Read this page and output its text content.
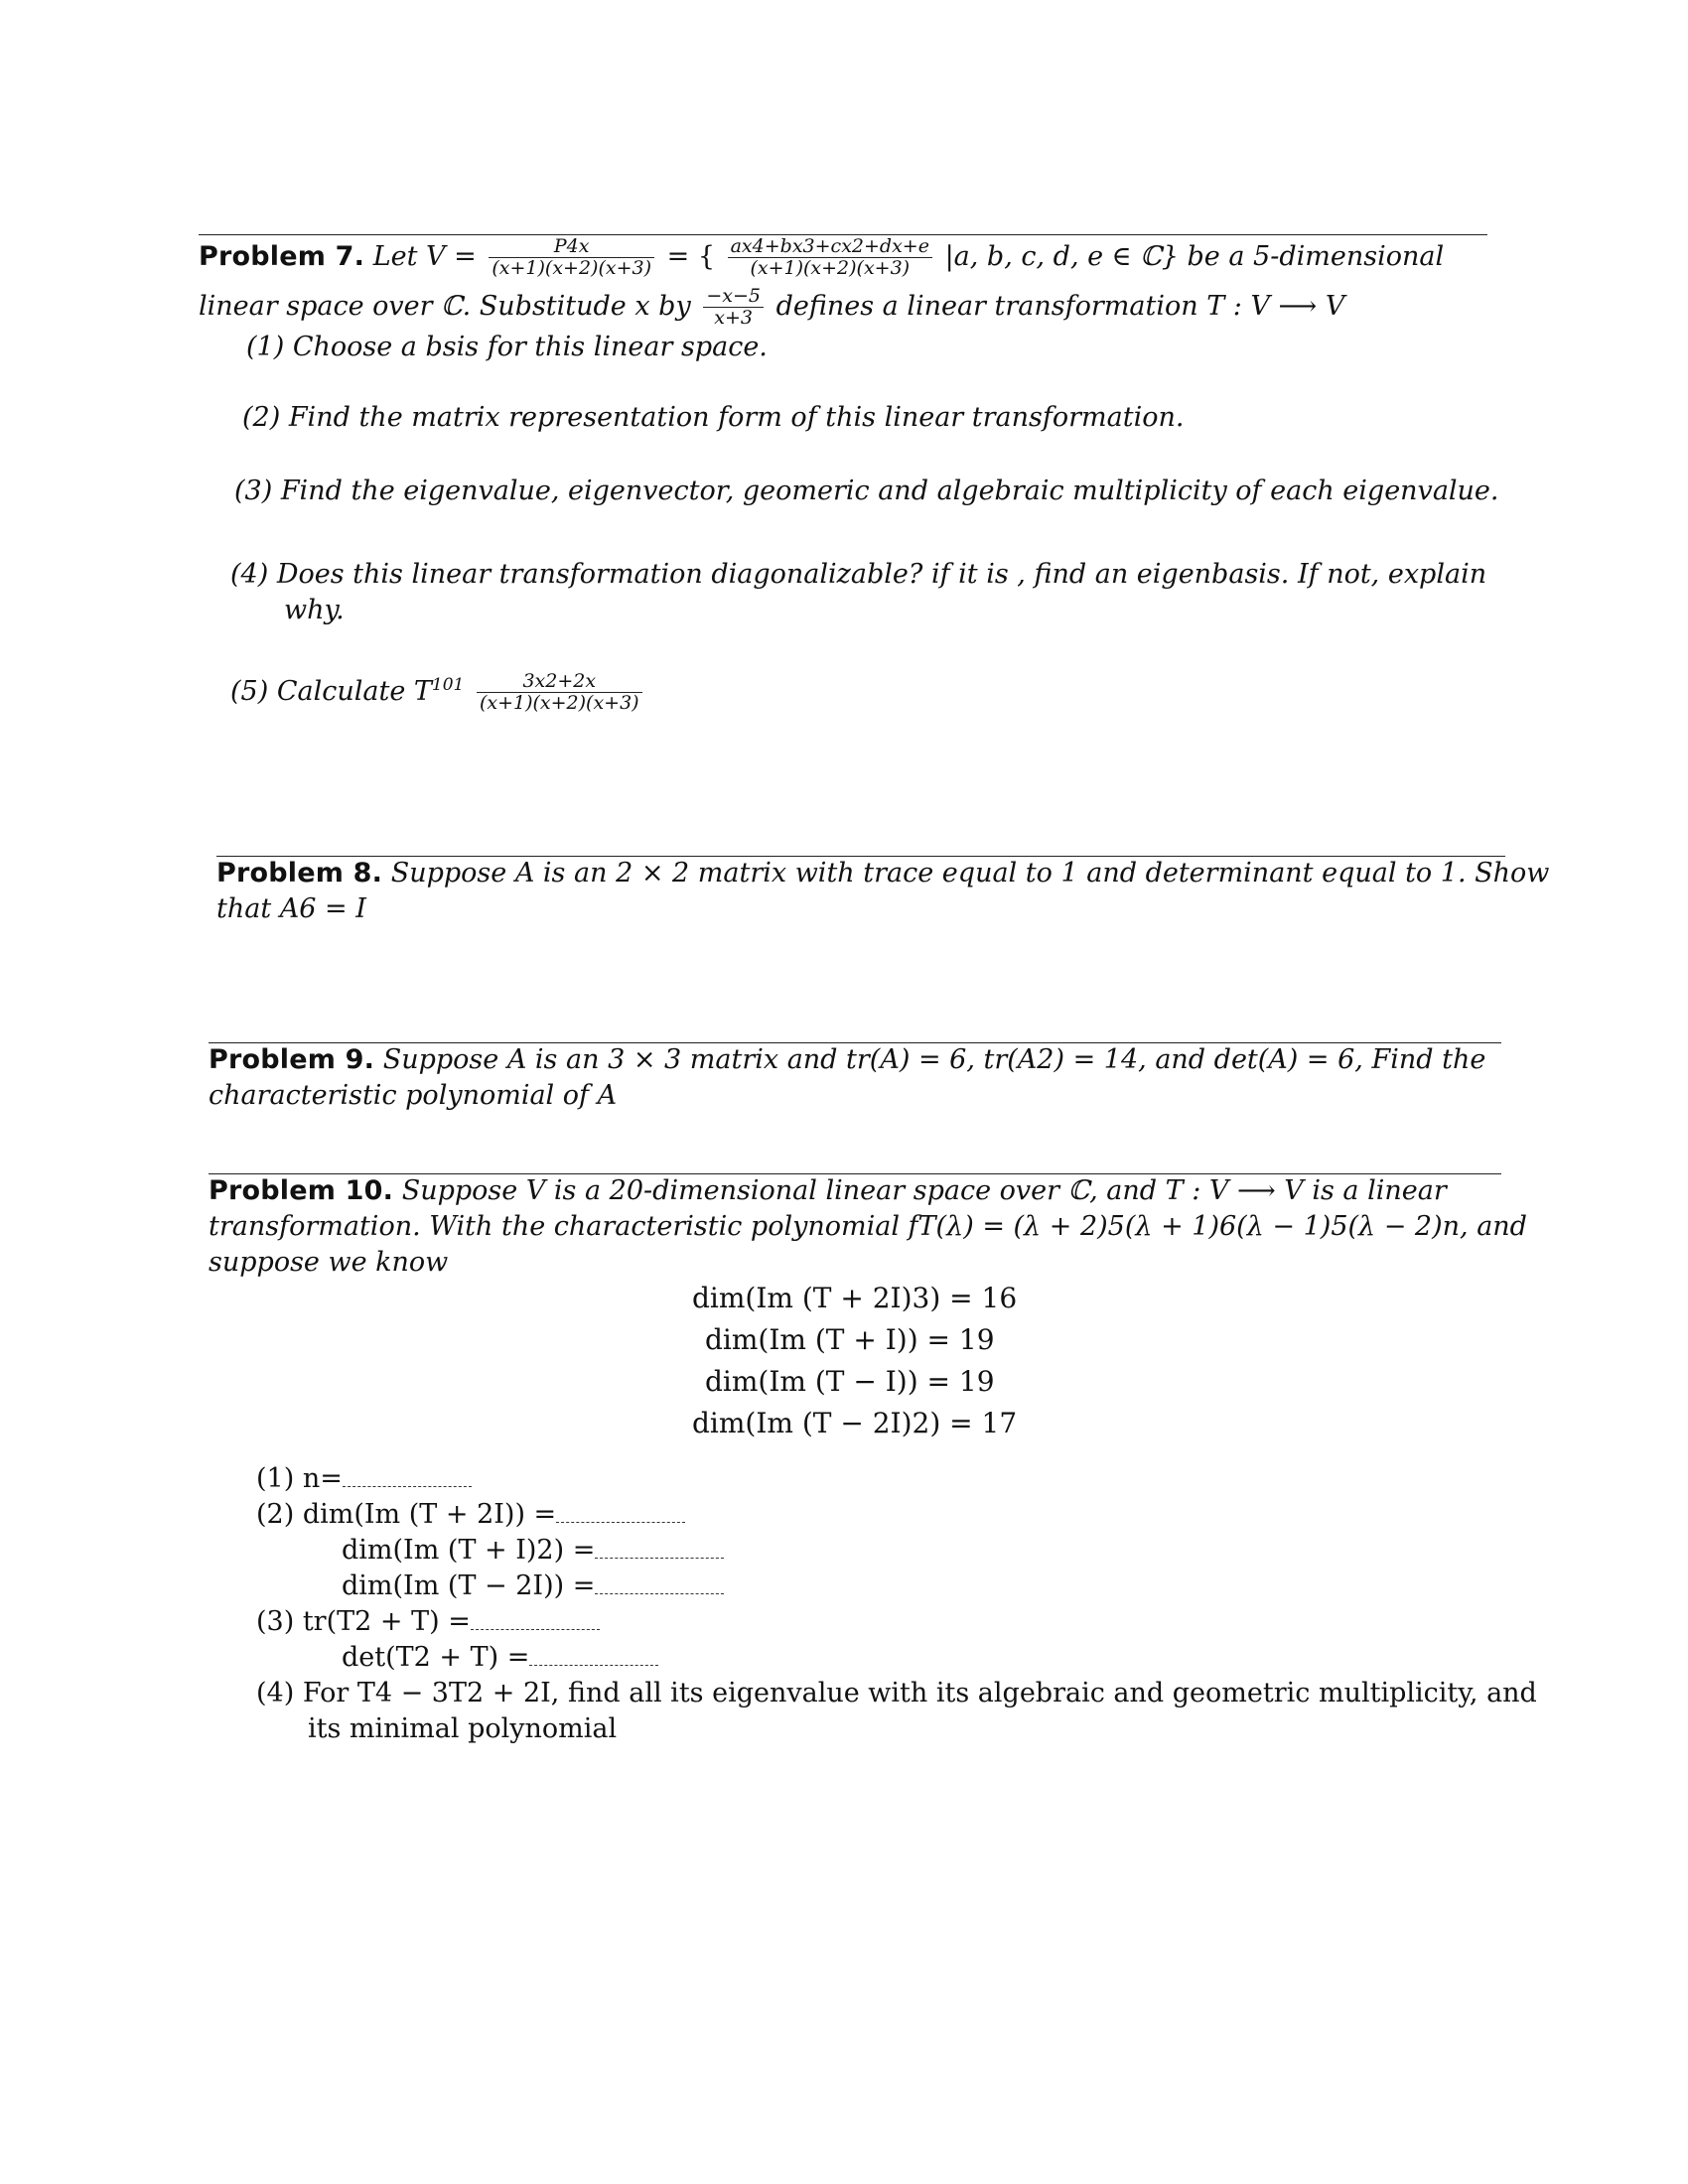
Problem 7. Let $V = \frac{P4x}{(x+1)(x+2)(x+3)}$ = { $\frac{ax4+bx3+cx2+dx+e}{(x+1)(x+2)(x+3)} |a$, b, c, d, e ∈ ℂ} be a 5-dimensional
linear space over ℂ. Substitude x by $\frac{-x-5}{x+3}$ defines a linear transformation T : V ⟶ V
(1) Choose a bsis for this linear space.
(2) Find the matrix representation form of this linear transformation.
(3) Find the eigenvalue, eigenvector, geomeric and algebraic multiplicity of each eigenvalue.
(4) Does this linear transformation diagonalizable? if it is , find an eigenbasis. If not, explain
why.
(5) Calculate $T^{101} \frac{3x2+2x}{(x+1)(x+2)(x+3)}$
Problem 8. Suppose A is an 2 × 2 matrix with trace equal to 1 and determinant equal to 1. Show
that A6 = I
Problem 9. Suppose A is an 3 × 3 matrix and tr(A) = 6, tr(A2) = 14, and det(A) = 6, Find the
characteristic polynomial of A
Problem 10. Suppose V is a 20-dimensional linear space over ℂ, and T : V ⟶ V is a linear
transformation. With the characteristic polynomial fT(λ) = (λ + 2)5(λ + 1)6(λ − 1)5(λ − 2)n, and
suppose we know
dim(Im (T + 2I)3) = 16
dim(Im (T + I)) = 19
dim(Im (T − I)) = 19
dim(Im (T − 2I)2) = 17
(1) n=
(2) dim(Im (T + 2I)) =
dim(Im (T + I)2) =
dim(Im (T − 2I)) =
(3) tr(T2 + T) =
det(T2 + T) =
(4) For T4 − 3T2 + 2I, find all its eigenvalue with its algebraic and geometric multiplicity, and
its minimal polynomial
